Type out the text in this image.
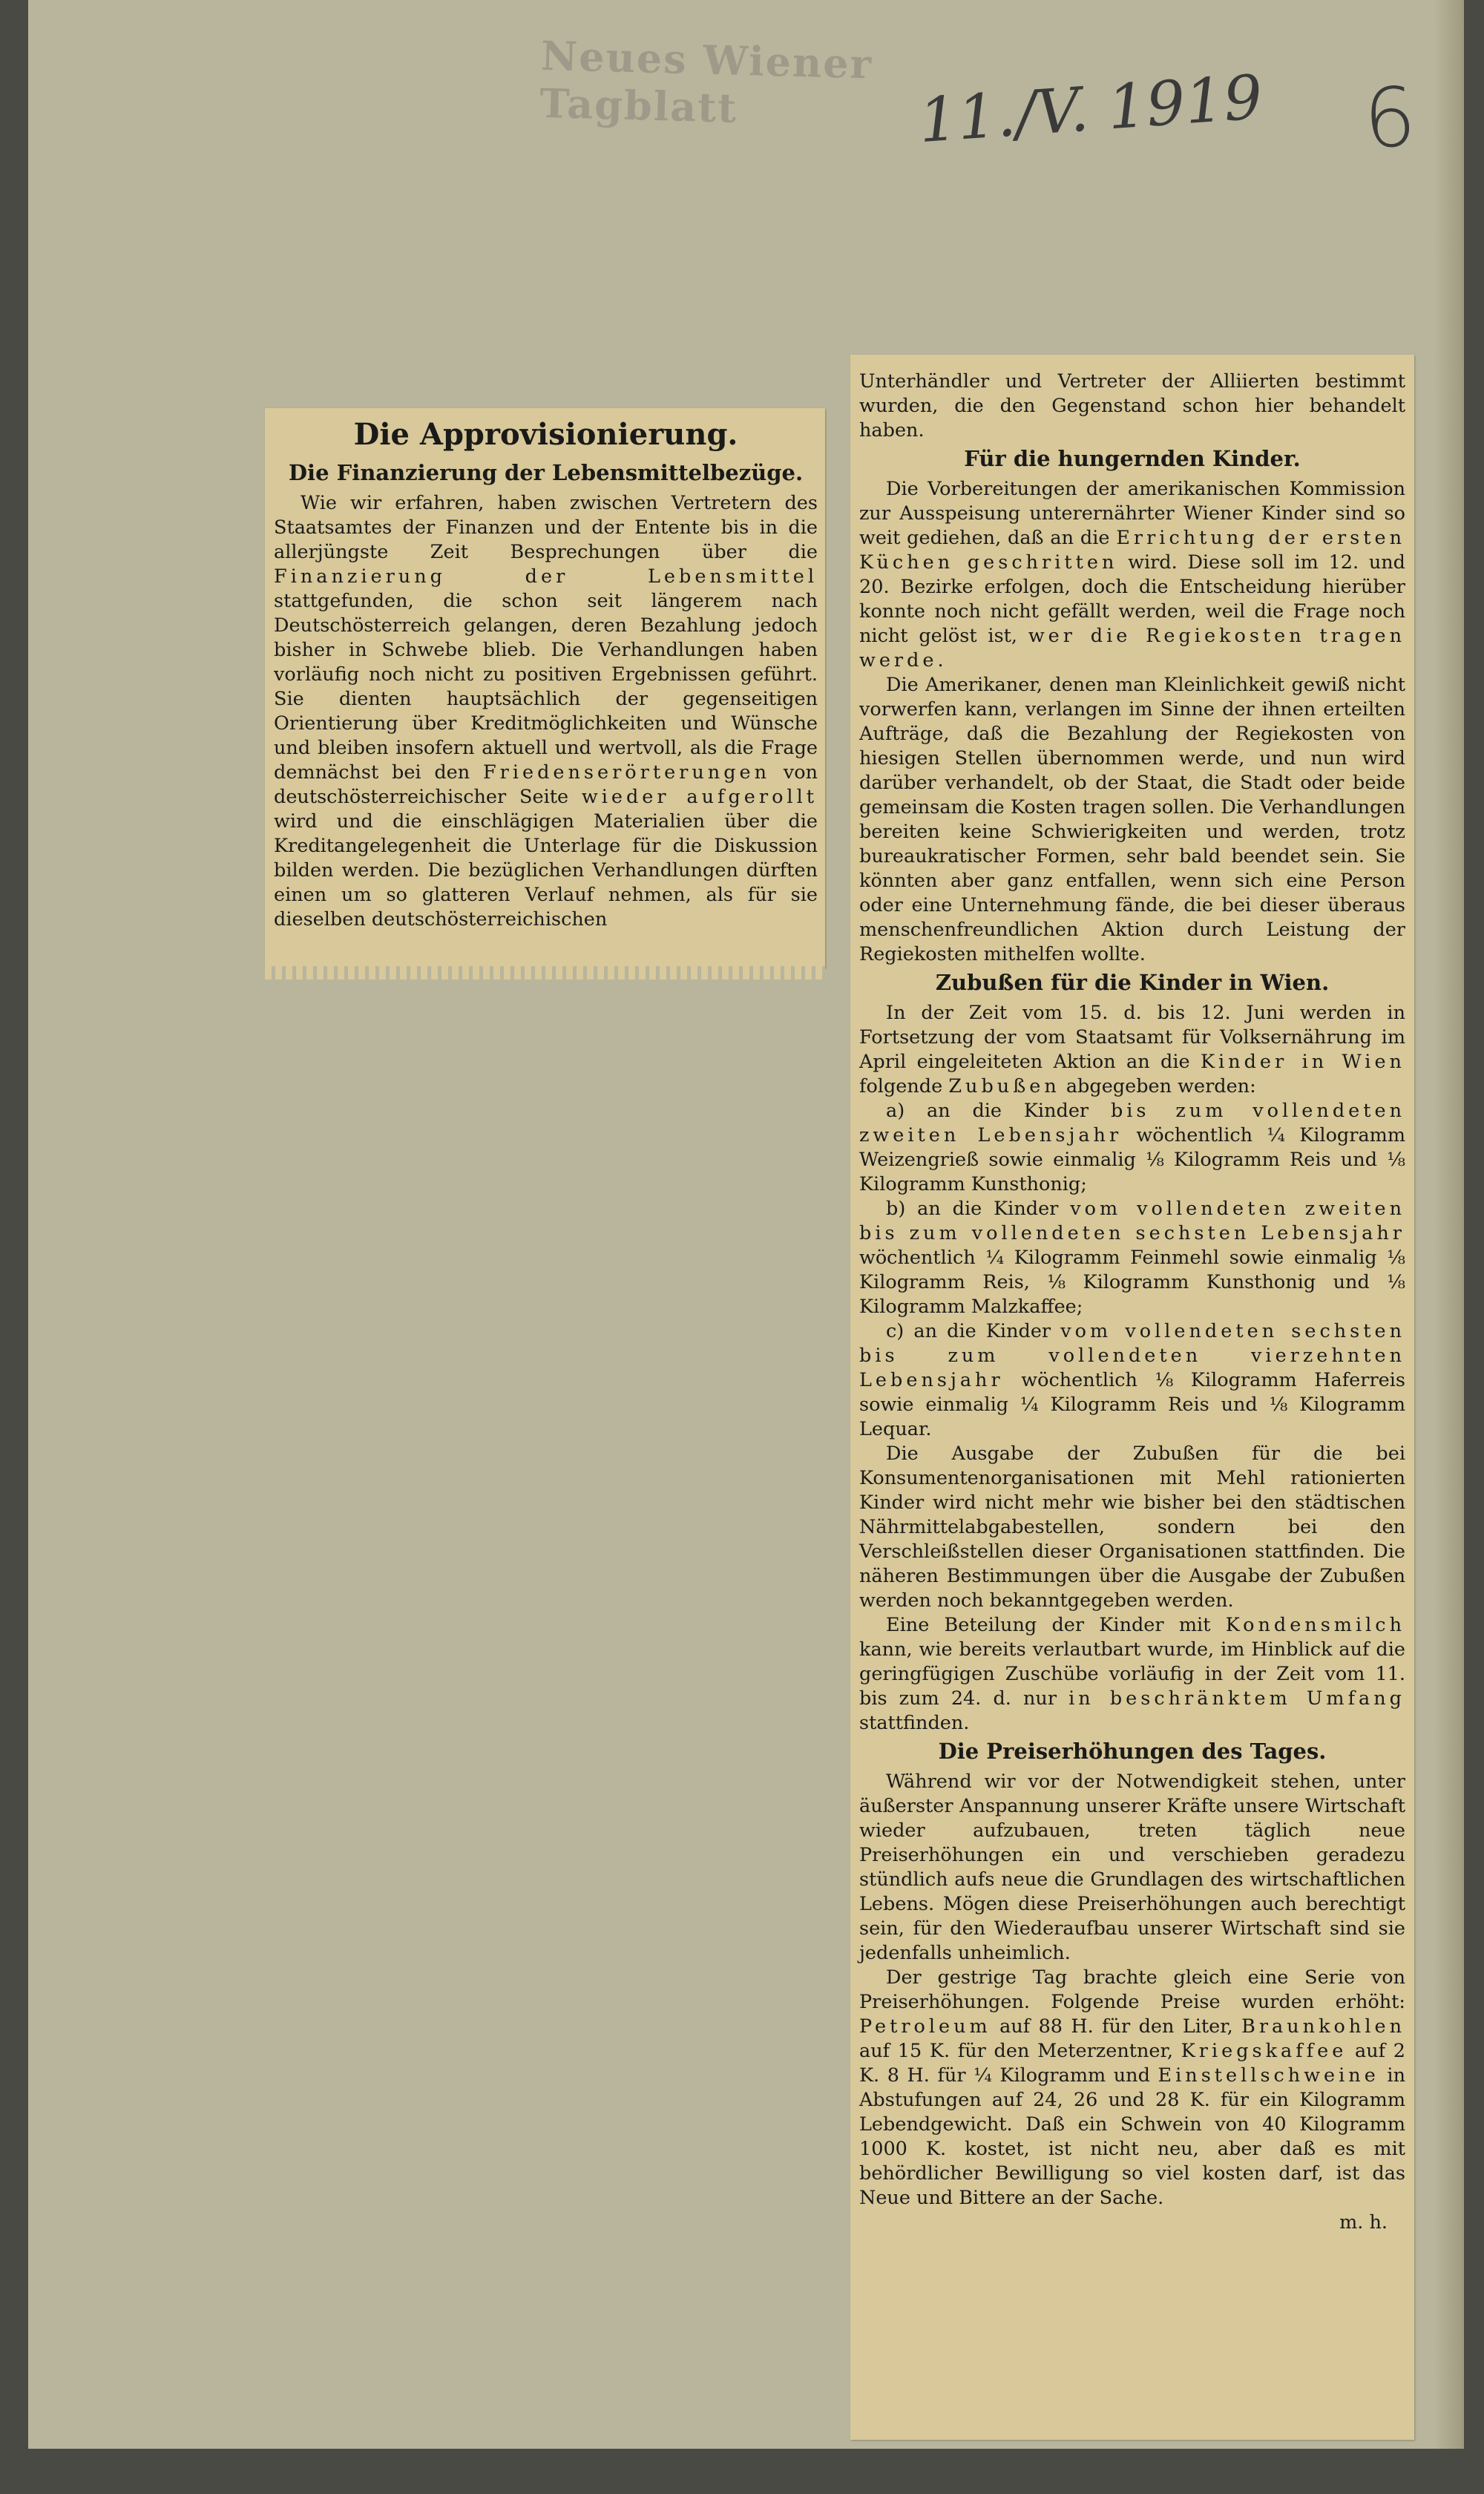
Neues Wiener Tagblatt	11./V. 1919 6
Die Approvisionierung.
Die Finanzierung der Lebensmittelbezüge.

Wie wir erfahren, haben zwischen Vertretern des Staatsamtes der Finanzen und der Entente bis in die allerjüngste Zeit Besprechungen über die Finanzierung der Lebensmittel stattgefunden, die schon seit längerem nach Deutschösterreich gelangen, deren Bezahlung jedoch bisher in Schwebe blieb. Die Verhandlungen haben vorläufig noch nicht zu positiven Ergebnissen geführt. Sie dienten hauptsächlich der gegenseitigen Orientierung über Kreditmöglichkeiten und Wünsche und bleiben insofern aktuell und wertvoll, als die Frage demnächst bei den Friedenserörterungen von deutschösterreichischer Seite wieder aufgerollt wird und die einschlägigen Materialien über die Kreditangelegenheit die Unterlage für die Diskussion bilden werden. Die bezüglichen Verhandlungen dürften einen um so glatteren Verlauf nehmen, als für sie dieselben deutschösterreichischen

Unterhändler und Vertreter der Alliierten bestimmt wurden, die den Gegenstand schon hier behandelt haben.

Für die hungernden Kinder.

Die Vorbereitungen der amerikanischen Kommission zur Ausspeisung unterernährter Wiener Kinder sind so weit gediehen, daß an die Errichtung der ersten Küchen geschritten wird. Diese soll im 12. und 20. Bezirke erfolgen, doch die Entscheidung hierüber konnte noch nicht gefällt werden, weil die Frage noch nicht gelöst ist, wer die Regiekosten tragen werde.

Die Amerikaner, denen man Kleinlichkeit gewiß nicht vorwerfen kann, verlangen im Sinne der ihnen erteilten Aufträge, daß die Bezahlung der Regiekosten von hiesigen Stellen übernommen werde, und nun wird darüber verhandelt, ob der Staat, die Stadt oder beide gemeinsam die Kosten tragen sollen. Die Verhandlungen bereiten keine Schwierigkeiten und werden, trotz bureaukratischer Formen, sehr bald beendet sein. Sie könnten aber ganz entfallen, wenn sich eine Person oder eine Unternehmung fände, die bei dieser überaus menschenfreundlichen Aktion durch Leistung der Regiekosten mithelfen wollte.

Zubußen für die Kinder in Wien.

In der Zeit vom 15. d. bis 12. Juni werden in Fortsetzung der vom Staatsamt für Volksernährung im April eingeleiteten Aktion an die Kinder in Wien folgende Zubußen abgegeben werden:

a) an die Kinder bis zum vollendeten zweiten Lebensjahr wöchentlich ¼ Kilogramm Weizengrieß sowie einmalig ⅛ Kilogramm Reis und ⅛ Kilogramm Kunsthonig;

b) an die Kinder vom vollendeten zweiten bis zum vollendeten sechsten Lebensjahr wöchentlich ¼ Kilogramm Feinmehl sowie einmalig ⅛ Kilogramm Reis, ⅛ Kilogramm Kunsthonig und ⅛ Kilogramm Malzkaffee;

c) an die Kinder vom vollendeten sechsten bis zum vollendeten vierzehnten Lebensjahr wöchentlich ⅛ Kilogramm Haferreis sowie einmalig ¼ Kilogramm Reis und ⅛ Kilogramm Lequar.

Die Ausgabe der Zubußen für die bei Konsumentenorganisationen mit Mehl rationierten Kinder wird nicht mehr wie bisher bei den städtischen Nährmittelabgabestellen, sondern bei den Verschleißstellen dieser Organisationen stattfinden. Die näheren Bestimmungen über die Ausgabe der Zubußen werden noch bekanntgegeben werden.

Eine Beteilung der Kinder mit Kondensmilch kann, wie bereits verlautbart wurde, im Hinblick auf die geringfügigen Zuschübe vorläufig in der Zeit vom 11. bis zum 24. d. nur in beschränktem Umfang stattfinden.

Die Preiserhöhungen des Tages.

Während wir vor der Notwendigkeit stehen, unter äußerster Anspannung unserer Kräfte unsere Wirtschaft wieder aufzubauen, treten täglich neue Preiserhöhungen ein und verschieben geradezu stündlich aufs neue die Grundlagen des wirtschaftlichen Lebens. Mögen diese Preiserhöhungen auch berechtigt sein, für den Wiederaufbau unserer Wirtschaft sind sie jedenfalls unheimlich.

Der gestrige Tag brachte gleich eine Serie von Preiserhöhungen. Folgende Preise wurden erhöht: Petroleum auf 88 H. für den Liter, Braunkohlen auf 15 K. für den Meterzentner, Kriegskaffee auf 2 K. 8 H. für ¼ Kilogramm und Einstellschweine in Abstufungen auf 24, 26 und 28 K. für ein Kilogramm Lebendgewicht. Daß ein Schwein von 40 Kilogramm 1000 K. kostet, ist nicht neu, aber daß es mit behördlicher Bewilligung so viel kosten darf, ist das Neue und Bittere an der Sache.

m. h.
